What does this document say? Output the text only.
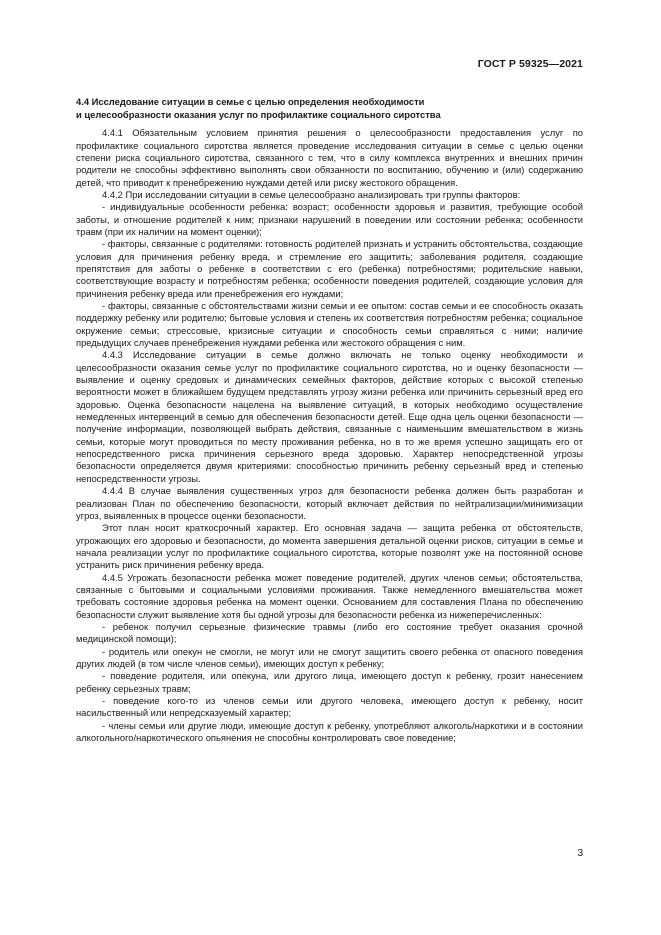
ГОСТ Р 59325—2021
4.4 Исследование ситуации в семье с целью определения необходимости
и целесообразности оказания услуг по профилактике социального сиротства

4.4.1 Обязательным условием принятия решения о целесообразности предоставления услуг по профилактике социального сиротства является проведение исследования ситуации в семье с целью оценки степени риска социального сиротства, связанного с тем, что в силу комплекса внутренних и внешних причин родители не способны эффективно выполнять свои обязанности по воспитанию, обучению и (или) содержанию детей, что приводит к пренебрежению нуждами детей или риску жестокого обращения.

4.4.2 При исследовании ситуации в семье целесообразно анализировать три группы факторов:

- индивидуальные особенности ребенка: возраст; особенности здоровья и развития, требующие особой заботы, и отношение родителей к ним; признаки нарушений в поведении или состоянии ребенка; особенности травм (при их наличии на момент оценки);

- факторы, связанные с родителями: готовность родителей признать и устранить обстоятельства, создающие условия для причинения ребенку вреда, и стремление его защитить; заболевания родителя, создающие препятствия для заботы о ребенке в соответствии с его (ребенка) потребностями; родительские навыки, соответствующие возрасту и потребностям ребенка; особенности поведения родителей, создающие условия для причинения ребенку вреда или пренебрежения его нуждами;

- факторы, связанные с обстоятельствами жизни семьи и ее опытом: состав семьи и ее способность оказать поддержку ребенку или родителю; бытовые условия и степень их соответствия потребностям ребенка; социальное окружение семьи; стрессовые, кризисные ситуации и способность семьи справляться с ними; наличие предыдущих случаев пренебрежения нуждами ребенка или жестокого обращения с ним.

4.4.3 Исследование ситуации в семье должно включать не только оценку необходимости и целесообразности оказания семье услуг по профилактике социального сиротства, но и оценку безопасности — выявление и оценку средовых и динамических семейных факторов, действие которых с высокой степенью вероятности может в ближайшем будущем представлять угрозу жизни ребенка или причинить серьезный вред его здоровью. Оценка безопасности нацелена на выявление ситуаций, в которых необходимо осуществление немедленных интервенций в семью для обеспечения безопасности детей. Еще одна цель оценки безопасности — получение информации, позволяющей выбрать действия, связанные с наименьшим вмешательством в жизнь семьи, которые могут проводиться по месту проживания ребенка, но в то же время успешно защищать его от непосредственного риска причинения серьезного вреда здоровью. Характер непосредственной угрозы безопасности определяется двумя критериями: способностью причинить ребенку серьезный вред и степенью непосредственности угрозы.

4.4.4 В случае выявления существенных угроз для безопасности ребенка должен быть разработан и реализован План по обеспечению безопасности, который включает действия по нейтрализации/минимизации угроз, выявленных в процессе оценки безопасности.

Этот план носит краткосрочный характер. Его основная задача — защита ребенка от обстоятельств, угрожающих его здоровью и безопасности, до момента завершения детальной оценки рисков, ситуации в семье и начала реализации услуг по профилактике социального сиротства, которые позволят уже на постоянной основе устранить риск причинения ребенку вреда.

4.4.5 Угрожать безопасности ребенка может поведение родителей, других членов семьи; обстоятельства, связанные с бытовыми и социальными условиями проживания. Также немедленного вмешательства может требовать состояние здоровья ребенка на момент оценки. Основанием для составления Плана по обеспечению безопасности служит выявление хотя бы одной угрозы для безопасности ребенка из нижеперечисленных:

- ребенок получил серьезные физические травмы (либо его состояние требует оказания срочной медицинской помощи);

- родитель или опекун не смогли, не могут или не смогут защитить своего ребенка от опасного поведения других людей (в том числе членов семьи), имеющих доступ к ребенку;

- поведение родителя, или опекуна, или другого лица, имеющего доступ к ребенку, грозит нанесением ребенку серьезных травм;

- поведение кого-то из членов семьи или другого человека, имеющего доступ к ребенку, носит насильственный или непредсказуемый характер;

- члены семьи или другие люди, имеющие доступ к ребенку, употребляют алкоголь/наркотики и в состоянии алкогольного/наркотического опьянения не способны контролировать свое поведение;

3
